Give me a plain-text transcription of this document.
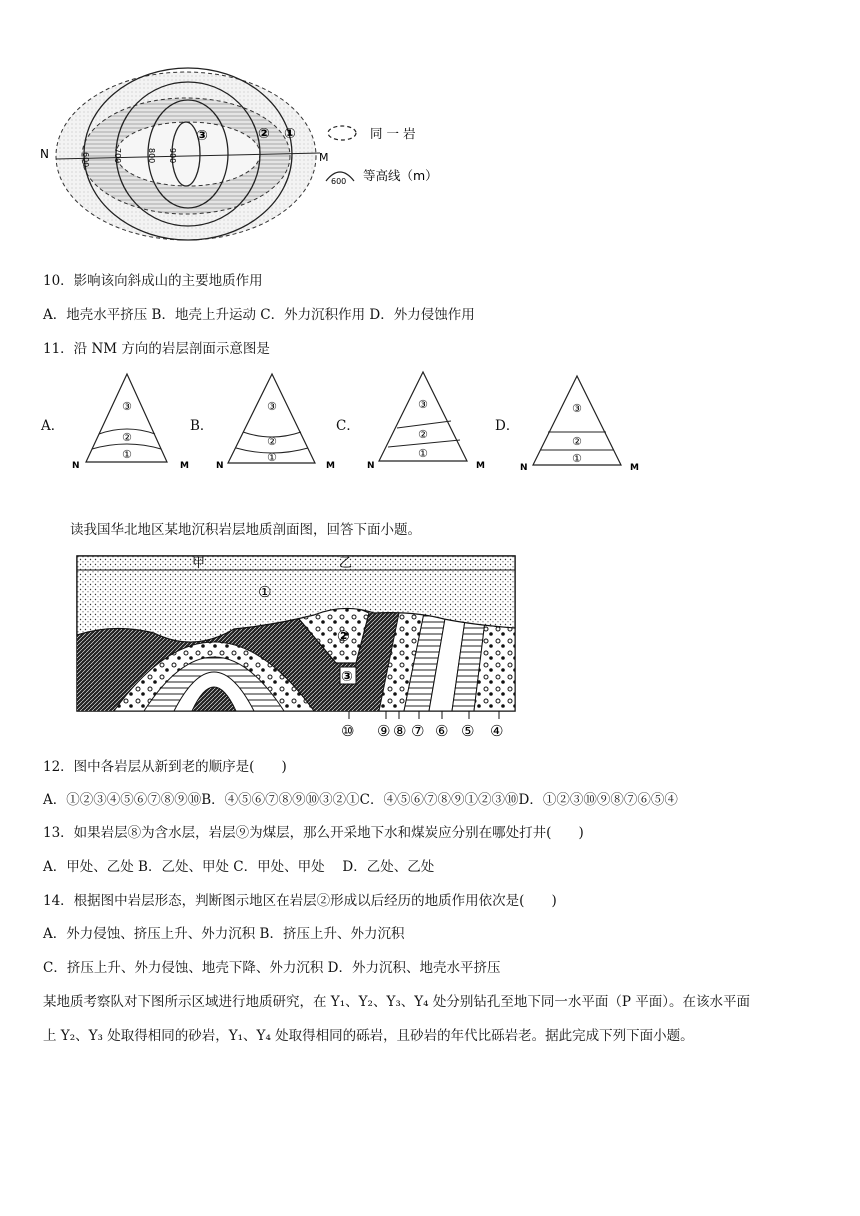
N	M
600	700	800 900
③	② ①	同 一 岩
600 等高线（m）
10．影响该向斜成山的主要地质作用
A．地壳水平挤压 B．地壳上升运动 C．外力沉积作用 D．外力侵蚀作用
11．沿 NM 方向的岩层剖面示意图是
A．	B．	C．	D．
③
②
①
N	M
③
②
①
N	M
③
②
①
N	M
③
②
①
N	M
读我国华北地区某地沉积岩层地质剖面图，回答下面小题。
甲	乙
①
②
③
⑩ ⑨ ⑧ ⑦ ⑥ ⑤ ④
12．图中各岩层从新到老的顺序是(　　)
A．①②③④⑤⑥⑦⑧⑨⑩B．④⑤⑥⑦⑧⑨⑩③②①C．④⑤⑥⑦⑧⑨①②③⑩D．①②③⑩⑨⑧⑦⑥⑤④
13．如果岩层⑧为含水层，岩层⑨为煤层，那么开采地下水和煤炭应分别在哪处打井(　　)
A．甲处、乙处 B．乙处、甲处 C．甲处、甲处　 D．乙处、乙处
14．根据图中岩层形态，判断图示地区在岩层②形成以后经历的地质作用依次是(　　)
A．外力侵蚀、挤压上升、外力沉积 B．挤压上升、外力沉积
C．挤压上升、外力侵蚀、地壳下降、外力沉积 D．外力沉积、地壳水平挤压
某地质考察队对下图所示区域进行地质研究，在 Y₁、Y₂、Y₃、Y₄ 处分别钻孔至地下同一水平面（P 平面）。在该水平面
上 Y₂、Y₃ 处取得相同的砂岩，Y₁、Y₄ 处取得相同的砾岩，且砂岩的年代比砾岩老。据此完成下列下面小题。
